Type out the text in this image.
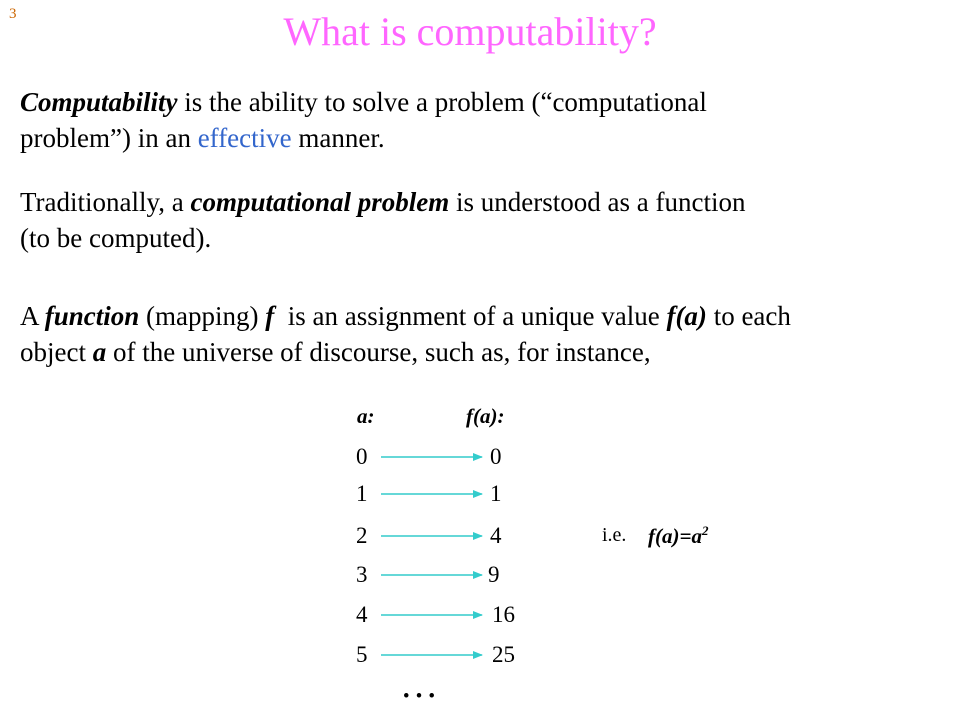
3	What is computability?
Computability is the ability to solve a problem (“computational
problem”) in an effective manner.
Traditionally, a computational problem is understood as a function
(to be computed).
A function (mapping) f  is an assignment of a unique value f(a) to each
object a of the universe of discourse, such as, for instance,
a:	f(a):
0	0
1	1
2	4
3	9
4	16
5	25
…
i.e. $f(a)=a^2$
